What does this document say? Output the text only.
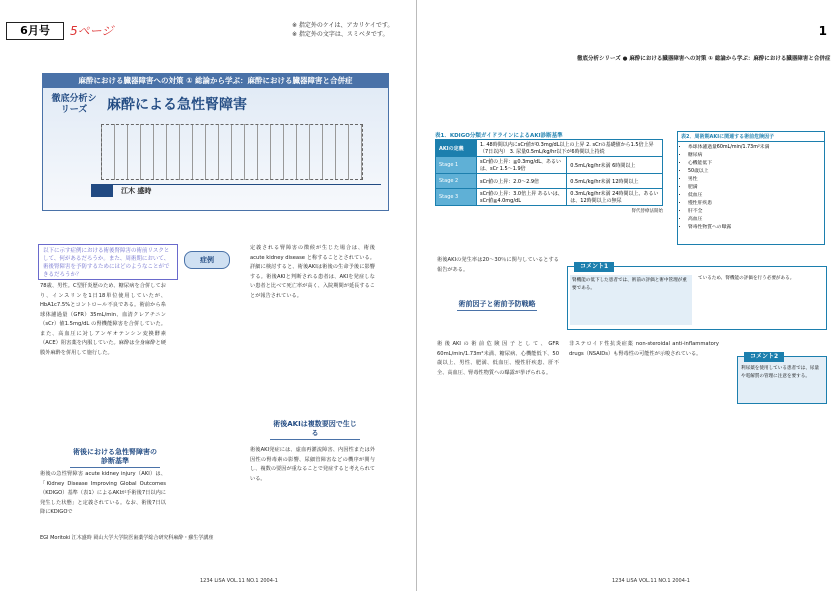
6月号	5ページ	※ 指定外のケイは、アカリケイです。
※ 指定外の文字は、スミベタです。
麻酔における臓器障害への対策 ① 総論から学ぶ：麻酔における臓器障害と合併症
徹底分析シリーズ	麻酔による急性腎障害
江木 盛時
以下に示す症例における術後腎障害の術前リスクとして、何があるだろうか。また、周術期において、術後腎障害を予防するためにはどのようなことができるだろうか？
症例

78歳、男性。C型肝炎歴のため、糖尿病を合併しており、インスリンを1日18単位使用していたが、HbA1c7.5%とコントロール不良である。術前から糸球体濾過量（GFR）35mL/min、血清クレアチニン（sCr）値1.5mg/dL の腎機能障害を合併していた。また、高血圧に対しアンギオテンシン変換酵素（ACE）阻害薬を内服していた。麻酔は全身麻酔と硬膜外麻酔を併用して施行した。

術後における急性腎障害の診断基準

術後の急性腎障害 acute kidney injury（AKI）は、「Kidney Disease Improving Global Outcomes（KDIGO）基準（表1）によるAKIが手術後7日以内に発生した状態」と定義されている。なお、術後7日以降にKDIGOで

定義される腎障害の徴候が生じた場合は、術後 acute kidney disease と称することとされている。詳細に検討すると、術後AKIは術後の生命予後に影響する。術後AKIと判断される患者は、AKIを発症しない患者と比べて死亡率が高く、入院期間が延長することが報告されている。

術後AKIは複数要因で生じる

術後AKI発症には、虚血再灌流障害、内因性または外因性の腎毒素の影響、尿細管障害などの機序が関与し、複数の要因が重なることで発症すると考えられている。

EGI Moritoki 江木盛時 岡山大学大学院医歯薬学総合研究科麻酔・蘇生学講座
1234 LiSA VOL.11 NO.1 2004-1
1
徹底分析シリーズ ● 麻酔における臓器障害への対策 ① 総論から学ぶ：麻酔における臓器障害と合併症
表1．KDIGO分類ガイドラインによるAKI診断基準
AKIの定義	1. 48時間以内にsCr値が0.3mg/dL以上の上昇 2. sCrの基礎値から1.5倍上昇（7日以内） 3. 尿量0.5mL/kg/hr以下が6時間以上持続	
Stage 1	sCr値の上昇：≧0.3mg/dL、あるいは、sCr 1.5〜1.9倍	0.5mL/kg/hr未満 6時間以上
Stage 2	sCr値の上昇：2.0〜2.9倍	0.5mL/kg/hr未満 12時間以上
Stage 3	sCr値の上昇：3.0倍上昇 あるいは、sCr値≧4.0mg/dL	0.3mL/kg/hr未満 24時間以上、あるいは、12時間以上の無尿
腎代替療法開始
表2．周術期AKIに関連する術前危険因子
• 糸球体濾過量60mL/min/1.73m²未満
• 糖尿病
• 心機能低下
• 50歳以上
• 男性
• 肥満
• 低血圧
• 慢性肝疾患
• 肝不全
• 高血圧
• 腎毒性物質への曝露

術後AKIの発生率は20〜30％に関与しているとする報告がある。	コメント1
腎機能の低下した患者では、術前の評価と術中管理が重要である。
ているため、腎機能の評価を行う必要がある。
術前因子と術前予防戦略

術後AKIの術前危険因子として、GFR 60mL/min/1.73m²未満、糖尿病、心機能低下、50歳以上、男性、肥満、低血圧、慢性肝疾患、肝不全、高血圧、腎毒性物質への曝露が挙げられる。

コメント2
利尿薬を使用している患者では、尿量や電解質の管理に注意を要する。

非ステロイド性抗炎症薬 non-steroidal anti-inflammatory drugs（NSAIDs）も腎毒性の可能性が示唆されている。

1234 LiSA VOL.11 NO.1 2004-1
